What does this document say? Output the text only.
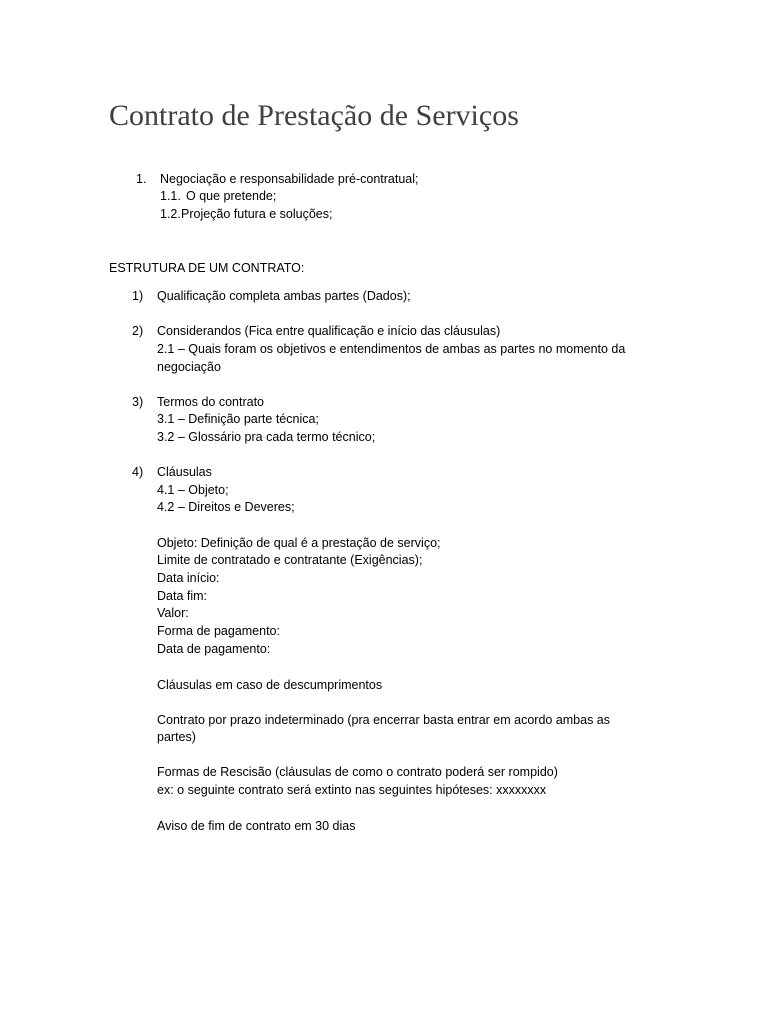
Contrato de Prestação de Serviços
1. Negociação e responsabilidade pré-contratual;
1.1. O que pretende;
1.2. Projeção futura e soluções;
ESTRUTURA DE UM CONTRATO:
1) Qualificação completa ambas partes (Dados);
2) Considerandos (Fica entre qualificação e início das cláusulas)
2.1 – Quais foram os objetivos e entendimentos de ambas as partes no momento da
negociação
3) Termos do contrato
3.1 – Definição parte técnica;
3.2 – Glossário pra cada termo técnico;
4) Cláusulas
4.1 – Objeto;
4.2 – Direitos e Deveres;
Objeto: Definição de qual é a prestação de serviço;
Limite de contratado e contratante (Exigências);
Data início:
Data fim:
Valor:
Forma de pagamento:
Data de pagamento:
Cláusulas em caso de descumprimentos
Contrato por prazo indeterminado (pra encerrar basta entrar em acordo ambas as
partes)
Formas de Rescisão (cláusulas de como o contrato poderá ser rompido)
ex: o seguinte contrato será extinto nas seguintes hipóteses: xxxxxxxx
Aviso de fim de contrato em 30 dias
